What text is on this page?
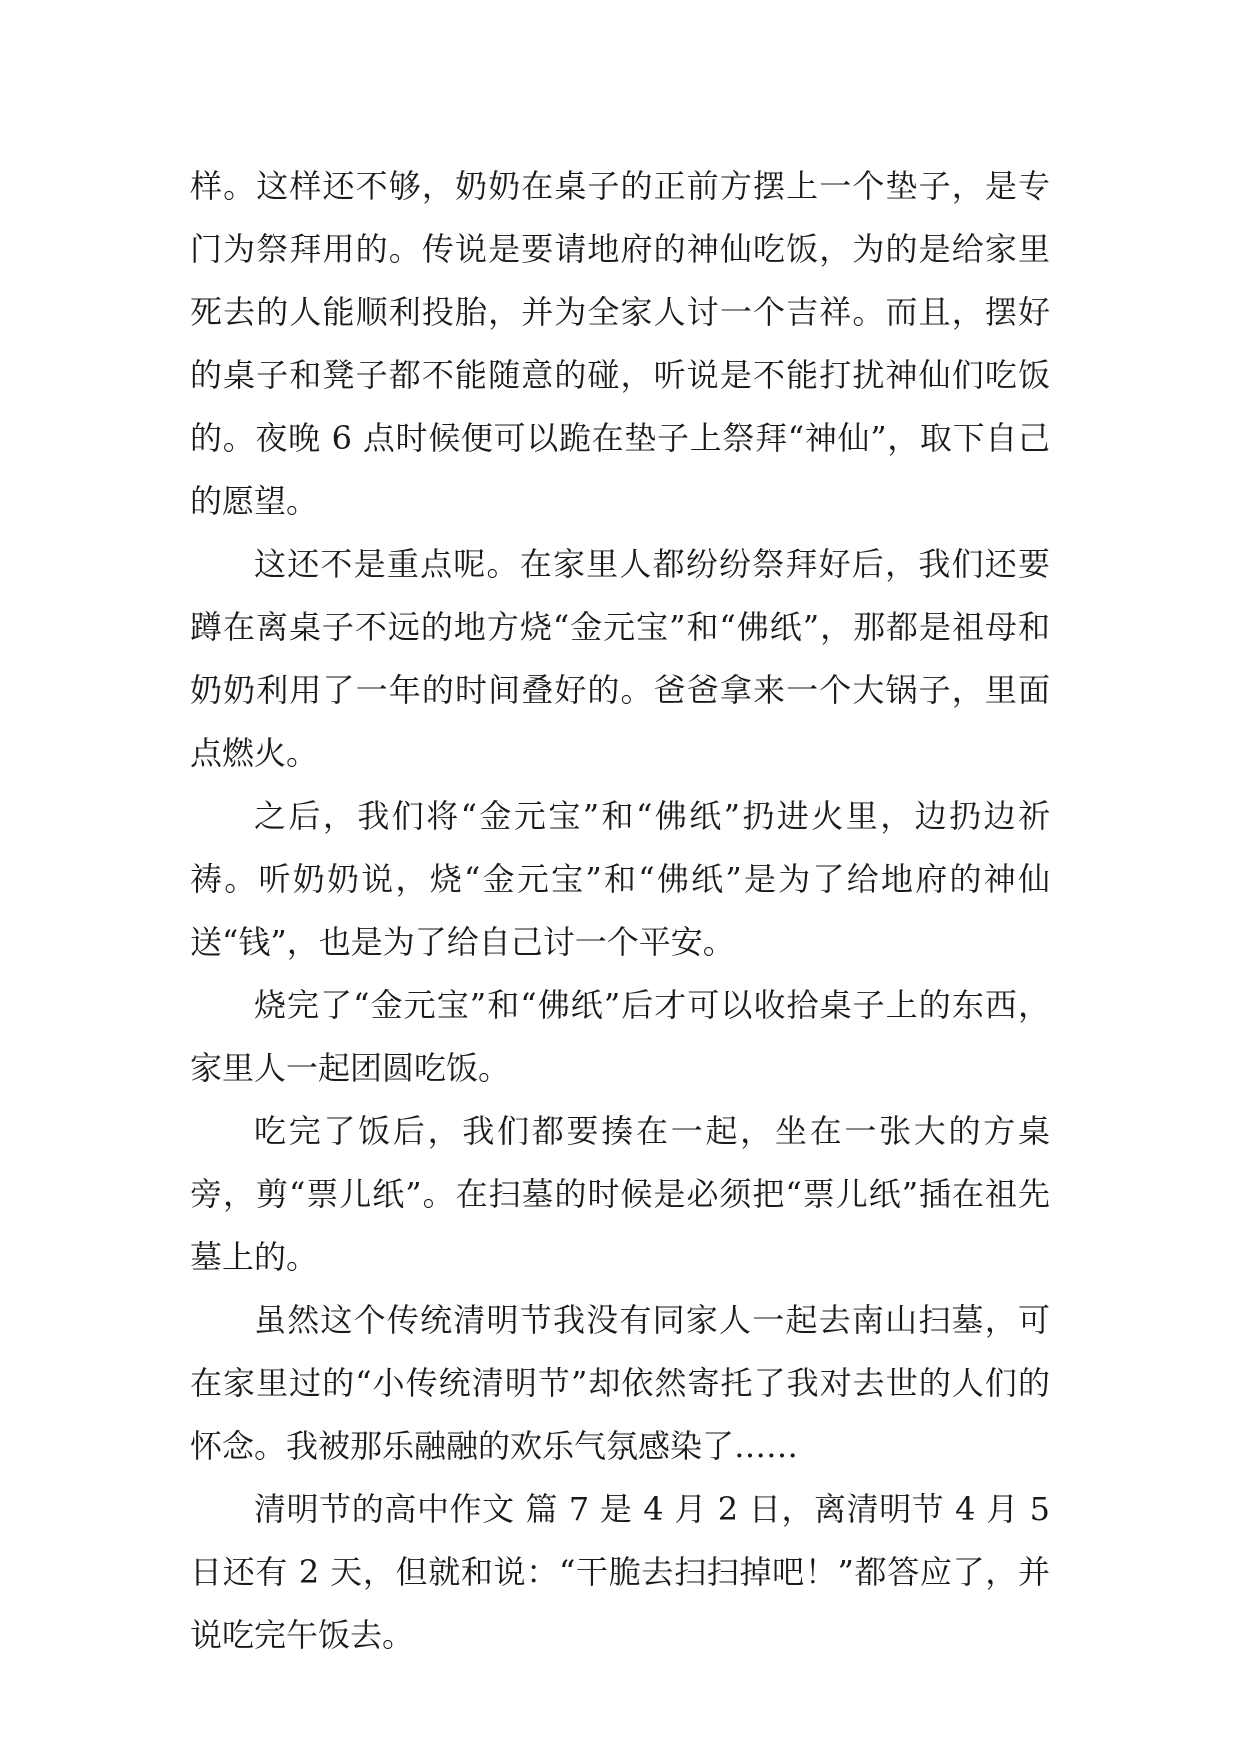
样。这样还不够，奶奶在桌子的正前方摆上一个垫子，是专门为祭拜用的。传说是要请地府的神仙吃饭，为的是给家里死去的人能顺利投胎，并为全家人讨一个吉祥。而且，摆好的桌子和凳子都不能随意的碰，听说是不能打扰神仙们吃饭的。夜晚 6 点时候便可以跪在垫子上祭拜“神仙”，取下自己的愿望。

这还不是重点呢。在家里人都纷纷祭拜好后，我们还要蹲在离桌子不远的地方烧“金元宝”和“佛纸”，那都是祖母和奶奶利用了一年的时间叠好的。爸爸拿来一个大锅子，里面点燃火。

之后，我们将“金元宝”和“佛纸”扔进火里，边扔边祈祷。听奶奶说，烧“金元宝”和“佛纸”是为了给地府的神仙送“钱”，也是为了给自己讨一个平安。

烧完了“金元宝”和“佛纸”后才可以收拾桌子上的东西，家里人一起团圆吃饭。

吃完了饭后，我们都要揍在一起，坐在一张大的方桌旁，剪“票儿纸”。在扫墓的时候是必须把“票儿纸”插在祖先墓上的。

虽然这个传统清明节我没有同家人一起去南山扫墓，可在家里过的“小传统清明节”却依然寄托了我对去世的人们的怀念。我被那乐融融的欢乐气氛感染了……

清明节的高中作文 篇 7 是 4 月 2 日，离清明节 4 月 5 日还有 2 天，但就和说：“干脆去扫扫掉吧！”都答应了，并说吃完午饭去。
